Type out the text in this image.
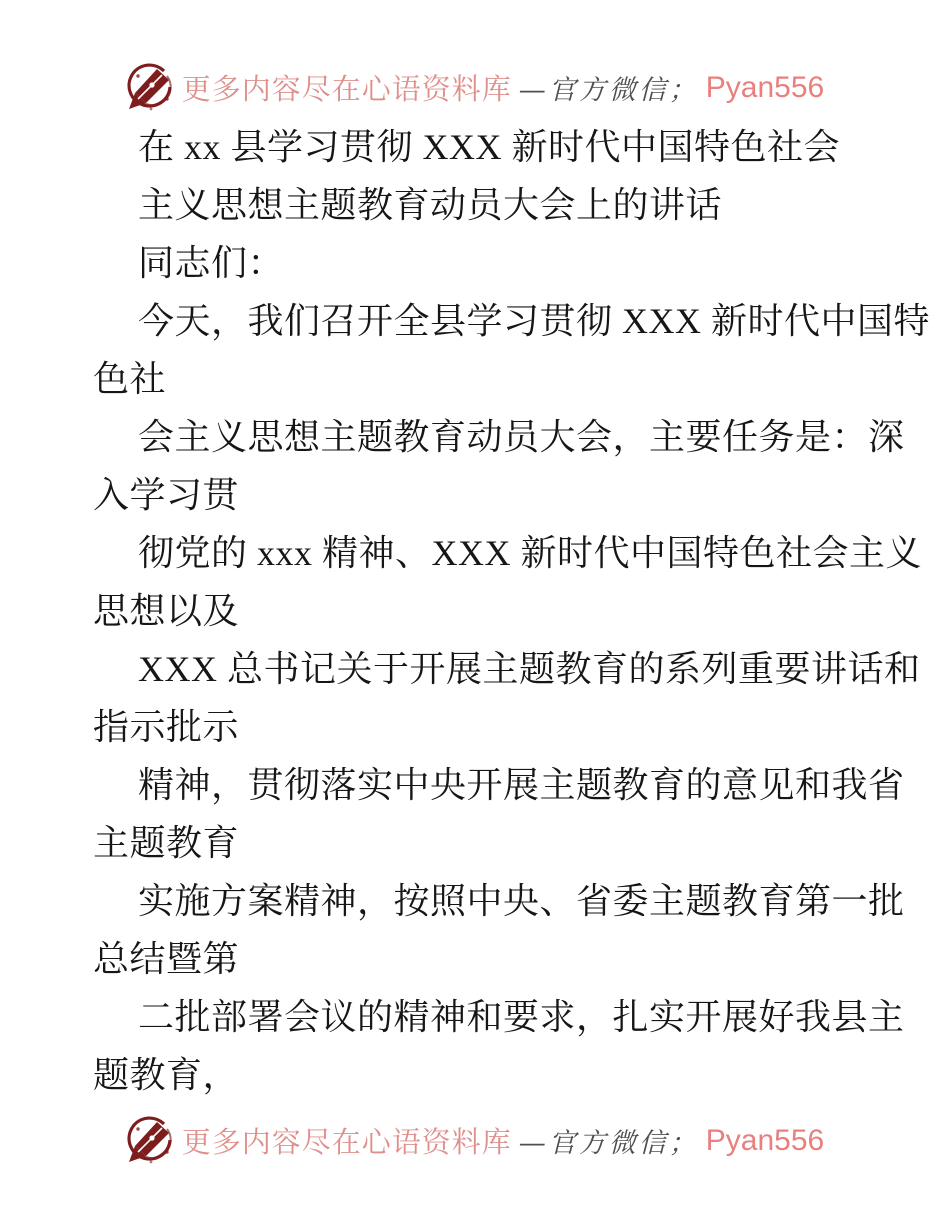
更多内容尽在心语资料库 —官方微信； Pyan556
在 xx 县学习贯彻 XXX 新时代中国特色社会
主义思想主题教育动员大会上的讲话
同志们：
今天，我们召开全县学习贯彻 XXX 新时代中国特
色社
会主义思想主题教育动员大会，主要任务是：深
入学习贯
彻党的 xxx 精神、XXX 新时代中国特色社会主义
思想以及
XXX 总书记关于开展主题教育的系列重要讲话和
指示批示
精神，贯彻落实中央开展主题教育的意见和我省
主题教育
实施方案精神，按照中央、省委主题教育第一批
总结暨第
二批部署会议的精神和要求，扎实开展好我县主
题教育，
更多内容尽在心语资料库 —官方微信； Pyan556
